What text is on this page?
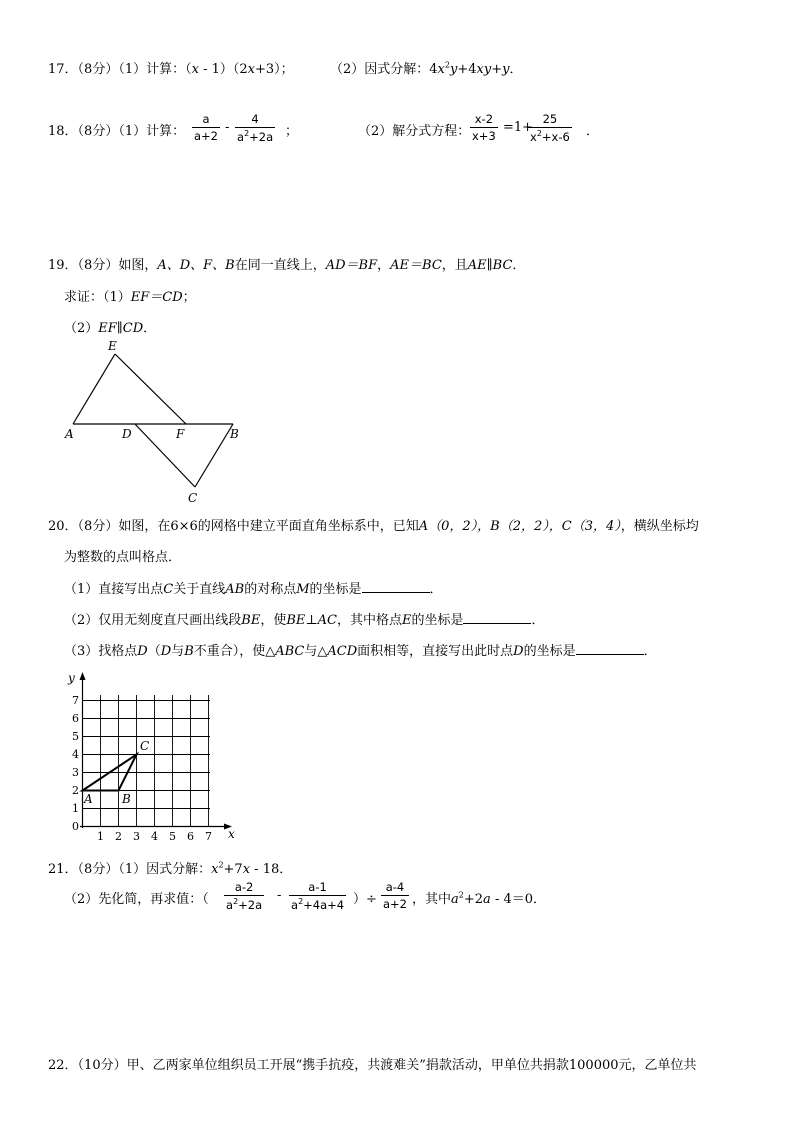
17．（8分）（1）计算：（x - 1）（2x+3）；	（2）因式分解：$4x^2y+4xy+y$．
18．（8分）（1）计算： $\frac{a}{a+2} - \frac{4}{a^2+2a}$ ；	（2）解分式方程： $\frac{x-2}{x+3} =1+$
$\frac{25}{x^2+x-6}$ ．
19．（8分）如图，A、D、F、B在同一直线上，AD＝BF，AE＝BC，且AE∥BC．
求证：（1）EF＝CD；
（2）EF∥CD．
E
A	D	F	B
C
20．（8分）如图，在6×6的网格中建立平面直角坐标系中，已知A（0，2），B（2，2），C（3，4），横纵坐标均
为整数的点叫格点．
（1）直接写出点C关于直线AB的对称点M的坐标是	．
（2）仅用无刻度直尺画出线段BE，使BE⊥AC，其中格点E的坐标是	．
（3）找格点D（D与B不重合），使△ABC与△ACD面积相等，直接写出此时点D的坐标是	．
y
x
7
6
5
4
3
2
1
0
1 2 3 4 5 6 7
A B
C
21．（8分）（1）因式分解：$x^2+7x - 18$．
（2）先化简，再求值：（ $\frac{a-2}{a^2+2a} - \frac{a-1}{a^2+4a+4}$ ）÷ $\frac{a-4}{a+2}$ ，其中$a^2+2a - 4=0$．
22．（10分）甲、乙两家单位组织员工开展“携手抗疫，共渡难关”捐款活动，甲单位共捐款100000元，乙单位共
